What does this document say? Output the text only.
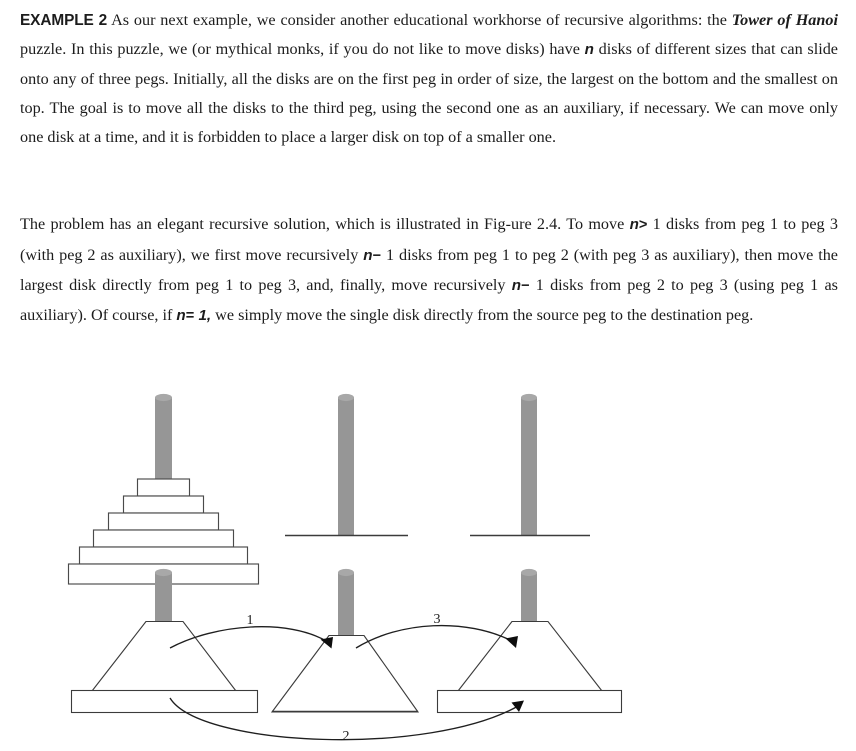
EXAMPLE 2 As our next example, we consider another educational workhorse of recursive algorithms: the Tower of Hanoi puzzle. In this puzzle, we (or mythical monks, if you do not like to move disks) have n disks of different sizes that can slide onto any of three pegs. Initially, all the disks are on the first peg in order of size, the largest on the bottom and the smallest on top. The goal is to move all the disks to the third peg, using the second one as an auxiliary, if necessary. We can move only one disk at a time, and it is forbidden to place a larger disk on top of a smaller one.

The problem has an elegant recursive solution, which is illustrated in Fig-ure 2.4. To move n> 1 disks from peg 1 to peg 3 (with peg 2 as auxiliary), we first move recursively n− 1 disks from peg 1 to peg 2 (with peg 3 as auxiliary), then move the largest disk directly from peg 1 to peg 3, and, finally, move recursively n− 1 disks from peg 2 to peg 3 (using peg 1 as auxiliary). Of course, if n= 1, we simply move the single disk directly from the source peg to the destination peg.

1	3
2
